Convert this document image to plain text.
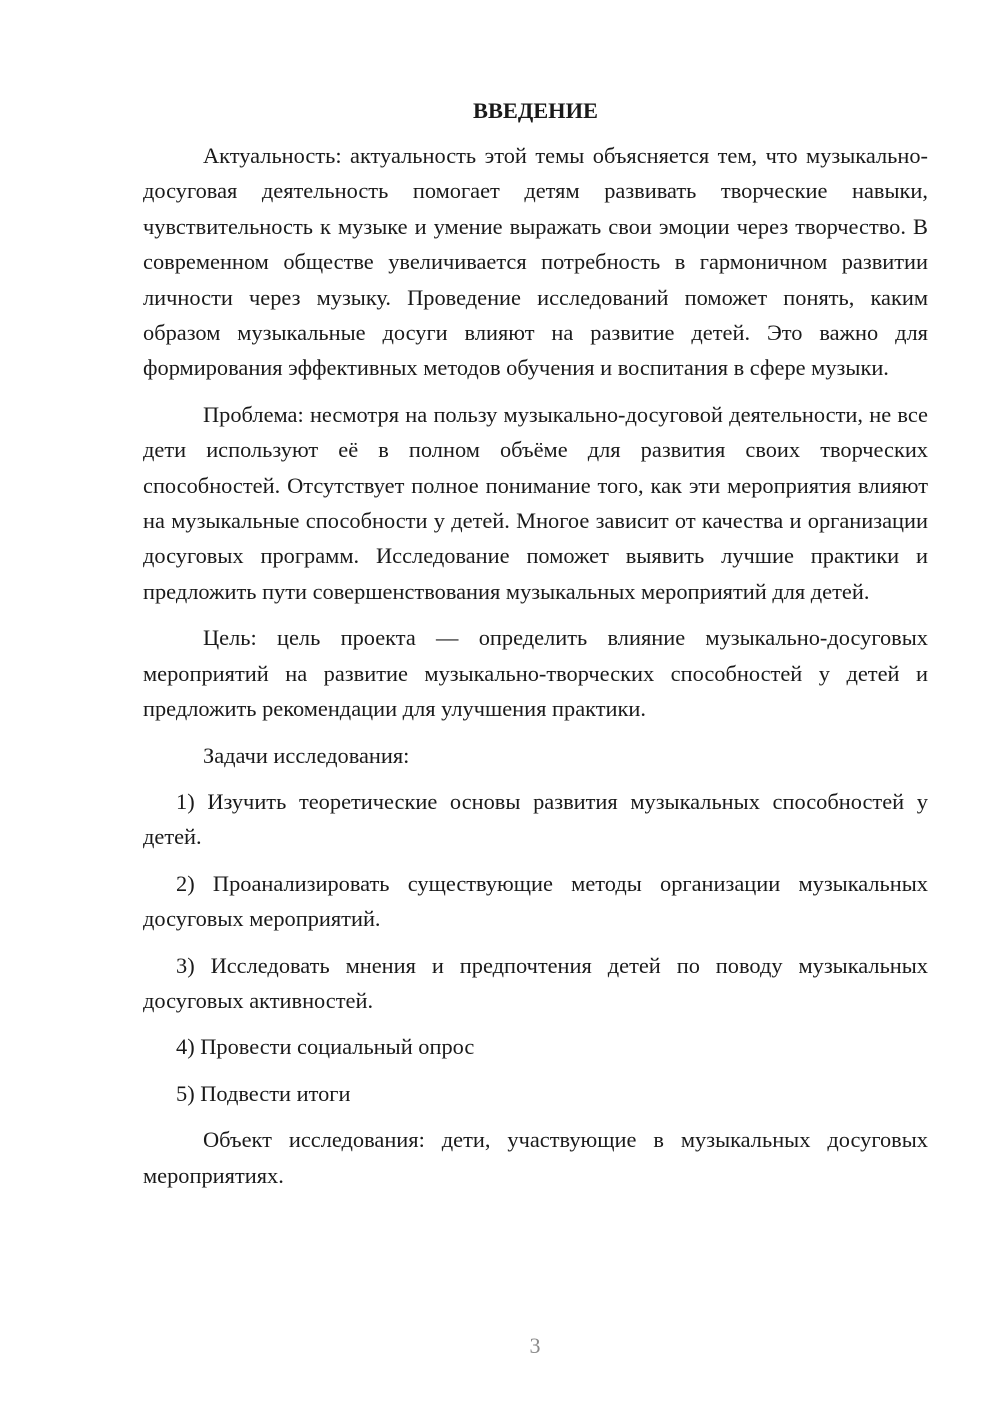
ВВЕДЕНИЕ

Актуальность: актуальность этой темы объясняется тем, что музыкально-досуговая деятельность помогает детям развивать творческие навыки, чувствительность к музыке и умение выражать свои эмоции через творчество. В современном обществе увеличивается потребность в гармоничном развитии личности через музыку. Проведение исследований поможет понять, каким образом музыкальные досуги влияют на развитие детей. Это важно для формирования эффективных методов обучения и воспитания в сфере музыки.

Проблема: несмотря на пользу музыкально-досуговой деятельности, не все дети используют её в полном объёме для развития своих творческих способностей. Отсутствует полное понимание того, как эти мероприятия влияют на музыкальные способности у детей. Многое зависит от качества и организации досуговых программ. Исследование поможет выявить лучшие практики и предложить пути совершенствования музыкальных мероприятий для детей.

Цель: цель проекта — определить влияние музыкально-досуговых мероприятий на развитие музыкально-творческих способностей у детей и предложить рекомендации для улучшения практики.

Задачи исследования:

1) Изучить теоретические основы развития музыкальных способностей у детей.

2) Проанализировать существующие методы организации музыкальных досуговых мероприятий.

3) Исследовать мнения и предпочтения детей по поводу музыкальных досуговых активностей.

4) Провести социальный опрос

5) Подвести итоги

Объект исследования: дети, участвующие в музыкальных досуговых мероприятиях.

3
